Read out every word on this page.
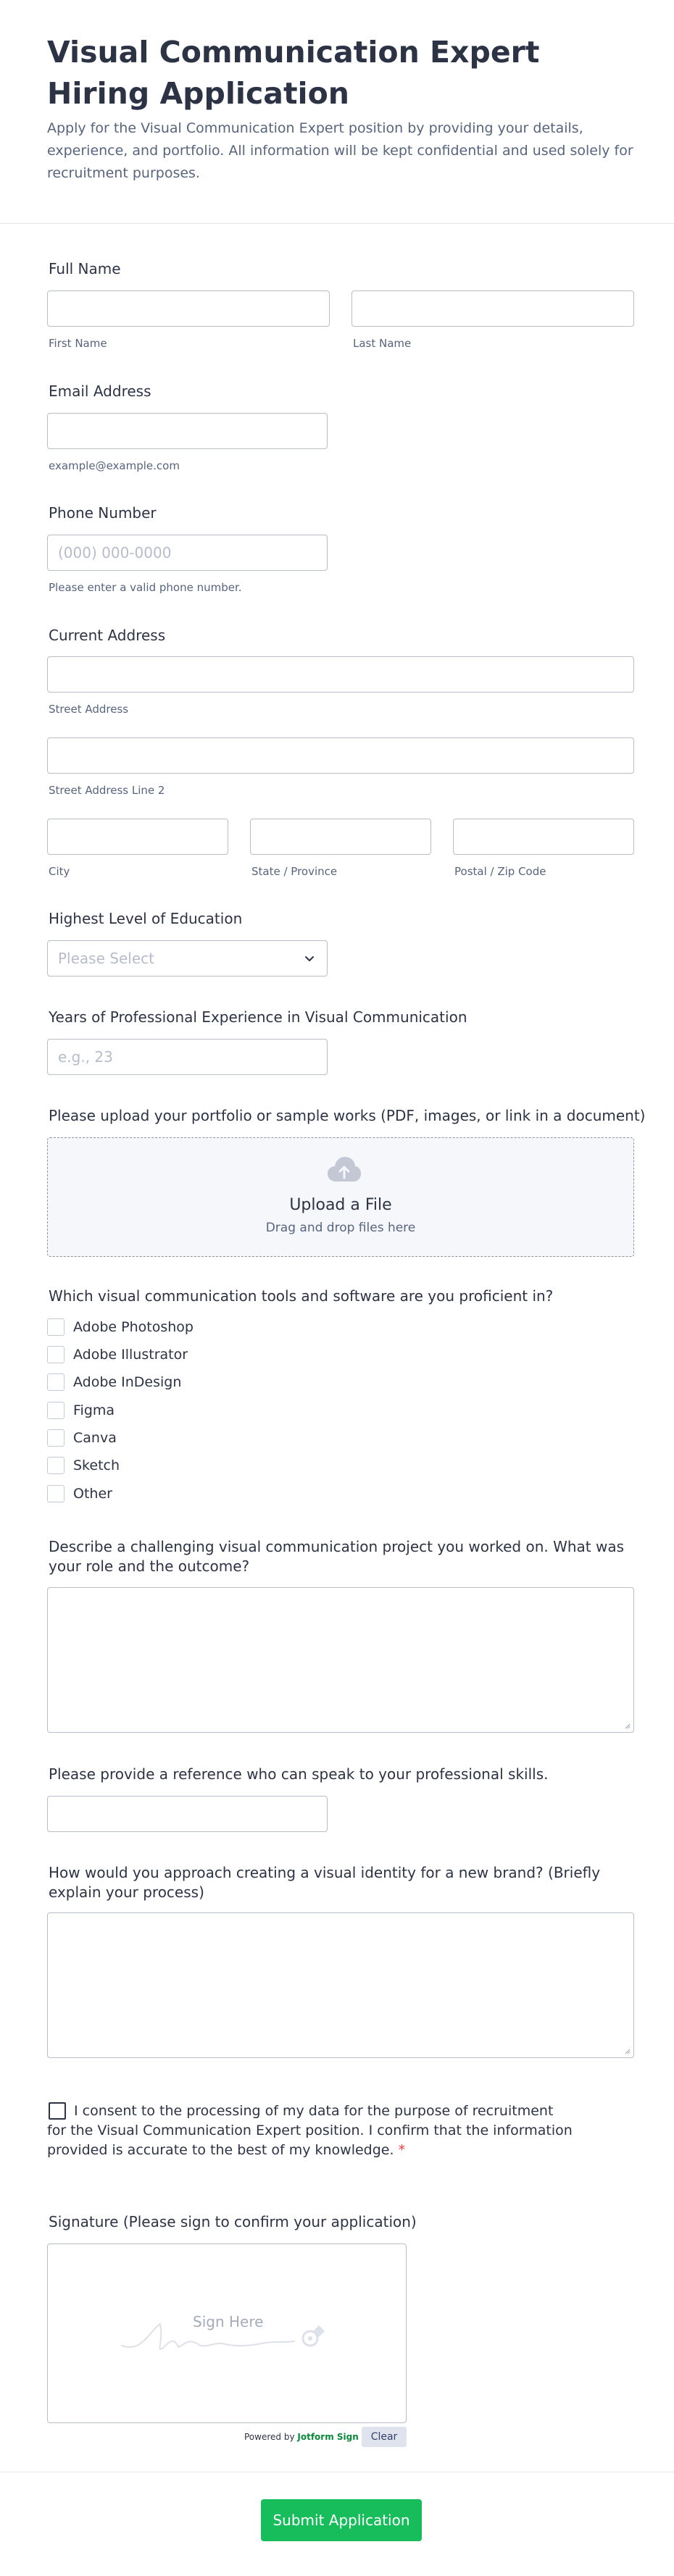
Visual Communication Expert Hiring Application

Apply for the Visual Communication Expert position by providing your details, experience, and portfolio. All information will be kept confidential and used solely for recruitment purposes.

Full Name
First Name	Last Name
Email Address
example@example.com
Phone Number
(000) 000-0000
Please enter a valid phone number.
Current Address
Street Address
Street Address Line 2
City	State / Province	Postal / Zip Code
Highest Level of Education
Please Select
Years of Professional Experience in Visual Communication
e.g., 23
Please upload your portfolio or sample works (PDF, images, or link in a document)
Upload a File
Drag and drop files here
Which visual communication tools and software are you proficient in?
Adobe Photoshop
Adobe Illustrator
Adobe InDesign
Figma
Canva
Sketch
Other
Describe a challenging visual communication project you worked on. What was your role and the outcome?
Please provide a reference who can speak to your professional skills.
How would you approach creating a visual identity for a new brand? (Briefly explain your process)
I consent to the processing of my data for the purpose of recruitment
for the Visual Communication Expert position. I confirm that the information
provided is accurate to the best of my knowledge. *
Signature (Please sign to confirm your application)
Sign Here
Powered by Jotform Sign	Clear
Submit Application
